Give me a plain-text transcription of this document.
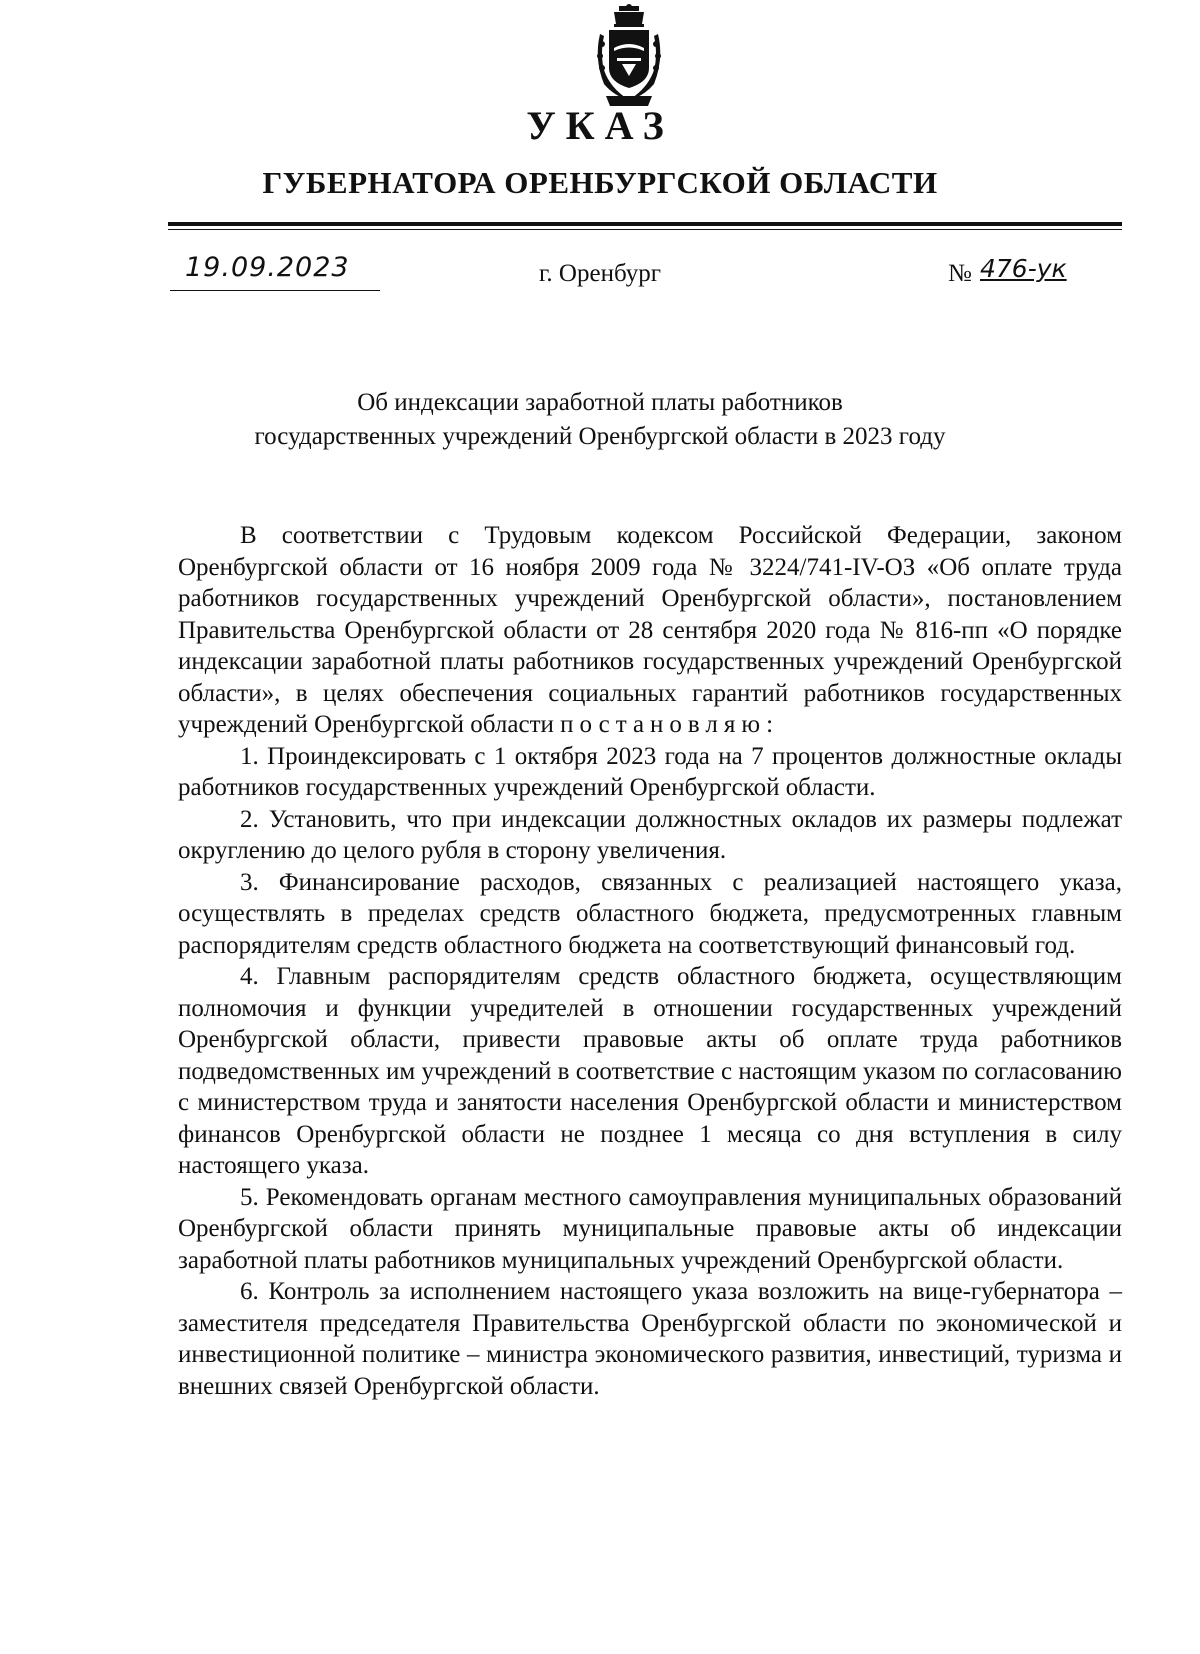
УКАЗ
ГУБЕРНАТОРА ОРЕНБУРГСКОЙ ОБЛАСТИ
19.09.2023	г. Оренбург	№ 476-ук
Об индексации заработной платы работников
государственных учреждений Оренбургской области в 2023 году

В соответствии с Трудовым кодексом Российской Федерации, законом Оренбургской области от 16 ноября 2009 года № 3224/741-IV-ОЗ «Об оплате труда работников государственных учреждений Оренбургской области», постановлением Правительства Оренбургской области от 28 сентября 2020 года № 816-пп «О порядке индексации заработной платы работников государственных учреждений Оренбургской области», в целях обеспечения социальных гарантий работников государственных учреждений Оренбургской области постановляю:

1. Проиндексировать с 1 октября 2023 года на 7 процентов должностные оклады работников государственных учреждений Оренбургской области.

2. Установить, что при индексации должностных окладов их размеры подлежат округлению до целого рубля в сторону увеличения.

3. Финансирование расходов, связанных с реализацией настоящего указа, осуществлять в пределах средств областного бюджета, предусмотренных главным распорядителям средств областного бюджета на соответствующий финансовый год.

4. Главным распорядителям средств областного бюджета, осуществляющим полномочия и функции учредителей в отношении государственных учреждений Оренбургской области, привести правовые акты об оплате труда работников подведомственных им учреждений в соответствие с настоящим указом по согласованию с министерством труда и занятости населения Оренбургской области и министерством финансов Оренбургской области не позднее 1 месяца со дня вступления в силу настоящего указа.

5. Рекомендовать органам местного самоуправления муниципальных образований Оренбургской области принять муниципальные правовые акты об индексации заработной платы работников муниципальных учреждений Оренбургской области.

6. Контроль за исполнением настоящего указа возложить на вице-губернатора – заместителя председателя Правительства Оренбургской области по экономической и инвестиционной политике – министра экономического развития, инвестиций, туризма и внешних связей Оренбургской области.
